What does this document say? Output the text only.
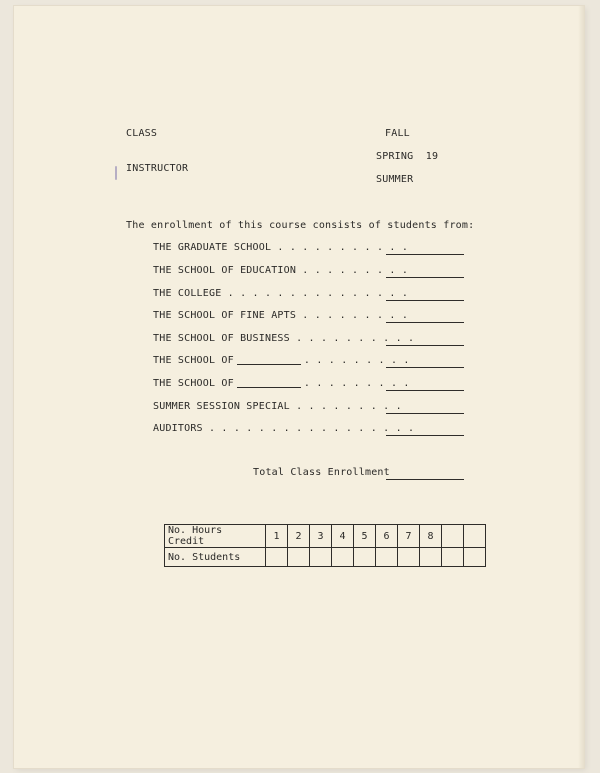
CLASS	FALL
INSTRUCTOR
SPRING 19
SUMMER
The enrollment of this course consists of students from:
THE GRADUATE SCHOOL . . . . . . . . . . .
THE SCHOOL OF EDUCATION . . . . . . . . .
THE COLLEGE . . . . . . . . . . . . . . .
THE SCHOOL OF FINE APTS . . . . . . . . .
THE SCHOOL OF BUSINESS . . . . . . . . . .
THE SCHOOL OF	. . . . . . . . .
THE SCHOOL OF	. . . . . . . . .
SUMMER SESSION SPECIAL . . . . . . . . .
AUDITORS . . . . . . . . . . . . . . . . .
Total Class Enrollment
No. Hours Credit	1	2	3	4	5	6	7	8		
No. Students										
